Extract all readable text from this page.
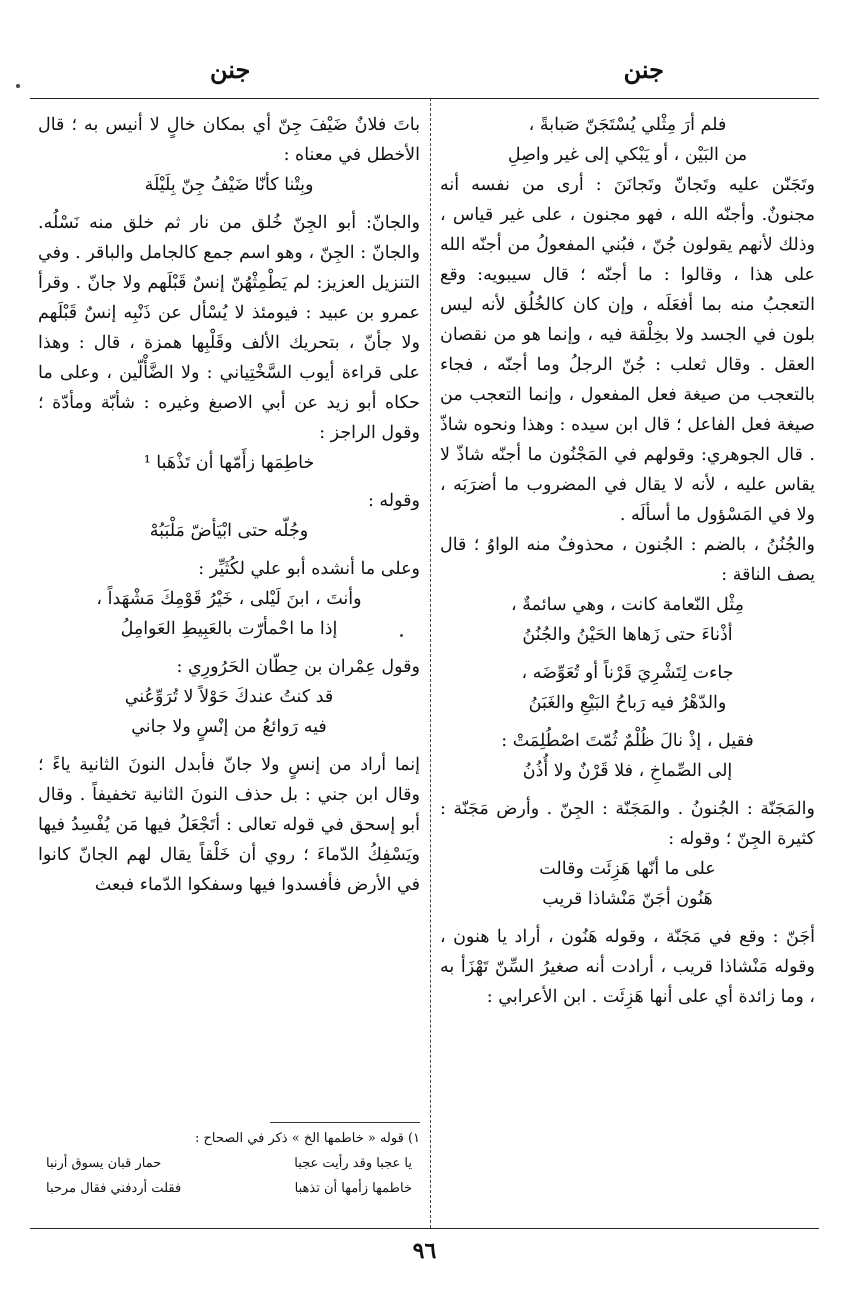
جنن
جنن

فلم أرَ مِثْلي يُسْتَجَنّ صَبابةً ،

من البَيْن ، أو يَبْكي إلى غير واصِلِ

وتَجَنّن عليه وتَجانّ وتَجانَنَ : أرى من نفسه أنه مجنونٌ. وأجنّه الله ، فهو مجنون ، على غير قياس ، وذلك لأنهم يقولون جُنّ ، فبُني المفعولُ من أجنّه الله على هذا ، وقالوا : ما أجنّه ؛ قال سيبويه: وقع التعجبُ منه بما أفعَلَه ، وإن كان كالخُلُق لأنه ليس بلون في الجسد ولا بخِلْقة فيه ، وإنما هو من نقصان العقل . وقال ثعلب : جُنّ الرجلُ وما أجنّه ، فجاء بالتعجب من صيغة فعل المفعول ، وإنما التعجب من صيغة فعل الفاعل ؛ قال ابن سيده : وهذا ونحوه شاذّ . قال الجوهري: وقولهم في المَجْنُون ما أجنّه شاذّ لا يقاس عليه ، لأنه لا يقال في المضروب ما أضرَبَه ، ولا في المَسْؤول ما أسألَه .

والجُنُنُ ، بالضم : الجُنون ، محذوفٌ منه الواوُ ؛ قال يصف الناقة :

مِثْل النّعامة كانت ، وهي سائمةٌ ،

أذْناءَ حتى زَهاها الحَيْنُ والجُنُنُ

جاءت لِتَشْرِيَ قَرْناً أو تُعَوِّضَه ،

والدّهْرُ فيه رَباحُ البَيْعِ والغَبَنُ

فقيل ، إذْ نالَ ظُلْمٌ ثُمّتَ اصْطُلِمَتْ :

إلى الصِّماخِ ، فلا قَرْنٌ ولا أُذُنُ

والمَجَنّة : الجُنونُ . والمَجَنّة : الجِنّ . وأرض مَجَنّة : كثيرة الجِنّ ؛ وقوله :

على ما أنّها هَزِئَت وقالت

هَنُون أجَنّ مَنْشاذا قريب

أجَنّ : وقع في مَجَنّة ، وقوله هَنُون ، أراد يا هنون ، وقوله مَنْشاذا قريب ، أرادت أنه صغيرُ السِّنّ تَهْزَأ به ، وما زائدة أي على أنها هَزِئَت . ابن الأعرابي :

باتَ فلانٌ ضَيْفَ جِنّ أي بمكان خالٍ لا أنيس به ؛ قال الأخطل في معناه :

وبِتْنا كأنّا ضَيْفُ جِنّ بِلَيْلَة

والجانّ: أبو الجِنّ خُلق من نار ثم خلق منه نَسْلُه. والجانّ : الجِنّ ، وهو اسم جمع كالجامل والباقر . وفي التنزيل العزيز: لم يَطْمِثْهُنّ إنسٌ قَبْلَهم ولا جانّ . وقرأ عمرو بن عبيد : فيومئذ لا يُسْأل عن ذَنْبِه إنسٌ قَبْلَهم ولا جأنّ ، بتحريك الألف وقَلْبِها همزة ، قال : وهذا على قراءة أيوب السَّخْتِياني : ولا الضَّأْلّين ، وعلى ما حكاه أبو زيد عن أبي الاصبغ وغيره : شأبّة ومأدّة ؛ وقول الراجز :

خاطِمَها زأَمّها أن تَذْهَبا ¹

وقوله :

وجُلّه حتى ابْيَأضّ مَلْبَبُهْ

وعلى ما أنشده أبو علي لكُثَيِّر :

وأنتَ ، ابنَ لَيْلى ، خَيْرُ قَوْمِكَ مَشْهَداً ،

إذا ما احْمأرّت بالعَبِيطِ العَوامِلُ

وقول عِمْران بن حِطّان الحَرُورِي :

قد كنتُ عندكَ حَوْلاً لا تُرَوِّعُني

فيه رَوائعُ من إنْسٍ ولا جاني

إنما أراد من إنسٍ ولا جانّ فأبدل النونَ الثانية ياءً ؛ وقال ابن جني : بل حذف النونَ الثانية تخفيفاً . وقال أبو إسحق في قوله تعالى : أتَجْعَلُ فيها مَن يُفْسِدُ فيها ويَسْفِكُ الدّماءَ ؛ روي أن خَلْقاً يقال لهم الجانّ كانوا في الأرض فأفسدوا فيها وسفكوا الدّماء فبعث

١) قوله « خاطمها الخ » ذكر في الصحاح :
يا عجبا وقد رأيت عجبا
حمار قبان يسوق أرنبا
خاطمها زأمها أن تذهبا
فقلت أردفني فقال مرحبا
٩٦
